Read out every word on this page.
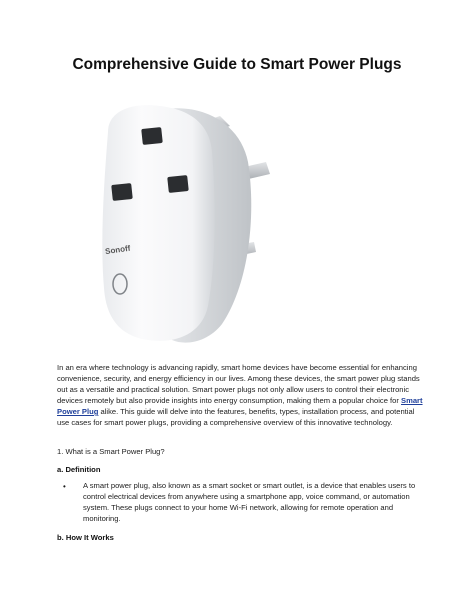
Comprehensive Guide to Smart Power Plugs
Sonoff
In an era where technology is advancing rapidly, smart home devices have become essential for enhancing convenience, security, and energy efficiency in our lives. Among these devices, the smart power plug stands out as a versatile and practical solution. Smart power plugs not only allow users to control their electronic devices remotely but also provide insights into energy consumption, making them a popular choice for Smart Power Plug alike. This guide will delve into the features, benefits, types, installation process, and potential use cases for smart power plugs, providing a comprehensive overview of this innovative technology.
1. What is a Smart Power Plug?
a. Definition
• A smart power plug, also known as a smart socket or smart outlet, is a device that enables users to control electrical devices from anywhere using a smartphone app, voice command, or automation system. These plugs connect to your home Wi-Fi network, allowing for remote operation and monitoring.
b. How It Works
